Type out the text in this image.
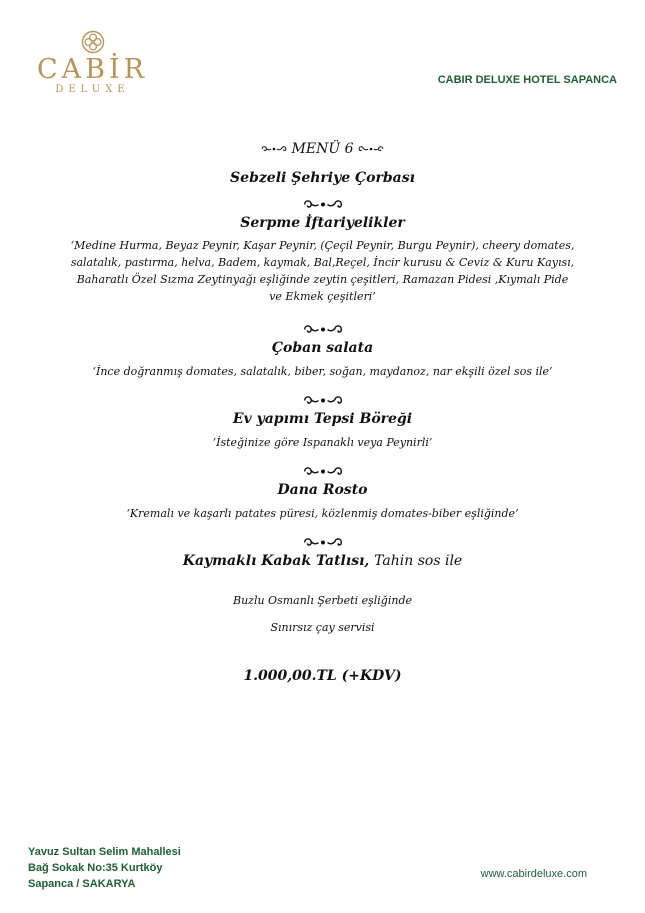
CABİR
DELUXE
CABIR DELUXE HOTEL SAPANCA

MENÜ 6

Sebzeli Şehriye Çorbası

Serpme İftariyelikler

‘Medine Hurma, Beyaz Peynir, Kaşar Peynir, (Çeçil Peynir, Burgu Peynir), cheery domates,

salatalık, pastırma, helva, Badem, kaymak, Bal,Reçel, İncir kurusu & Ceviz & Kuru Kayısı,

Baharatlı Özel Sızma Zeytinyağı eşliğinde zeytin çeşitleri, Ramazan Pidesi ,Kıymalı Pide

ve Ekmek çeşitleri’

Çoban salata

‘İnce doğranmış domates, salatalık, biber, soğan, maydanoz, nar ekşili özel sos ile’

Ev yapımı Tepsi Böreği

‘İsteğinize göre Ispanaklı veya Peynirli’

Dana Rosto

‘Kremalı ve kaşarlı patates püresi, közlenmiş domates-biber eşliğinde’

Kaymaklı Kabak Tatlısı, Tahin sos ile

Buzlu Osmanlı Şerbeti eşliğinde

Sınırsız çay servisi

1.000,00.TL (+KDV)

Yavuz Sultan Selim Mahallesi
Bağ Sokak No:35 Kurtköy
Sapanca / SAKARYA
www.cabirdeluxe.com
